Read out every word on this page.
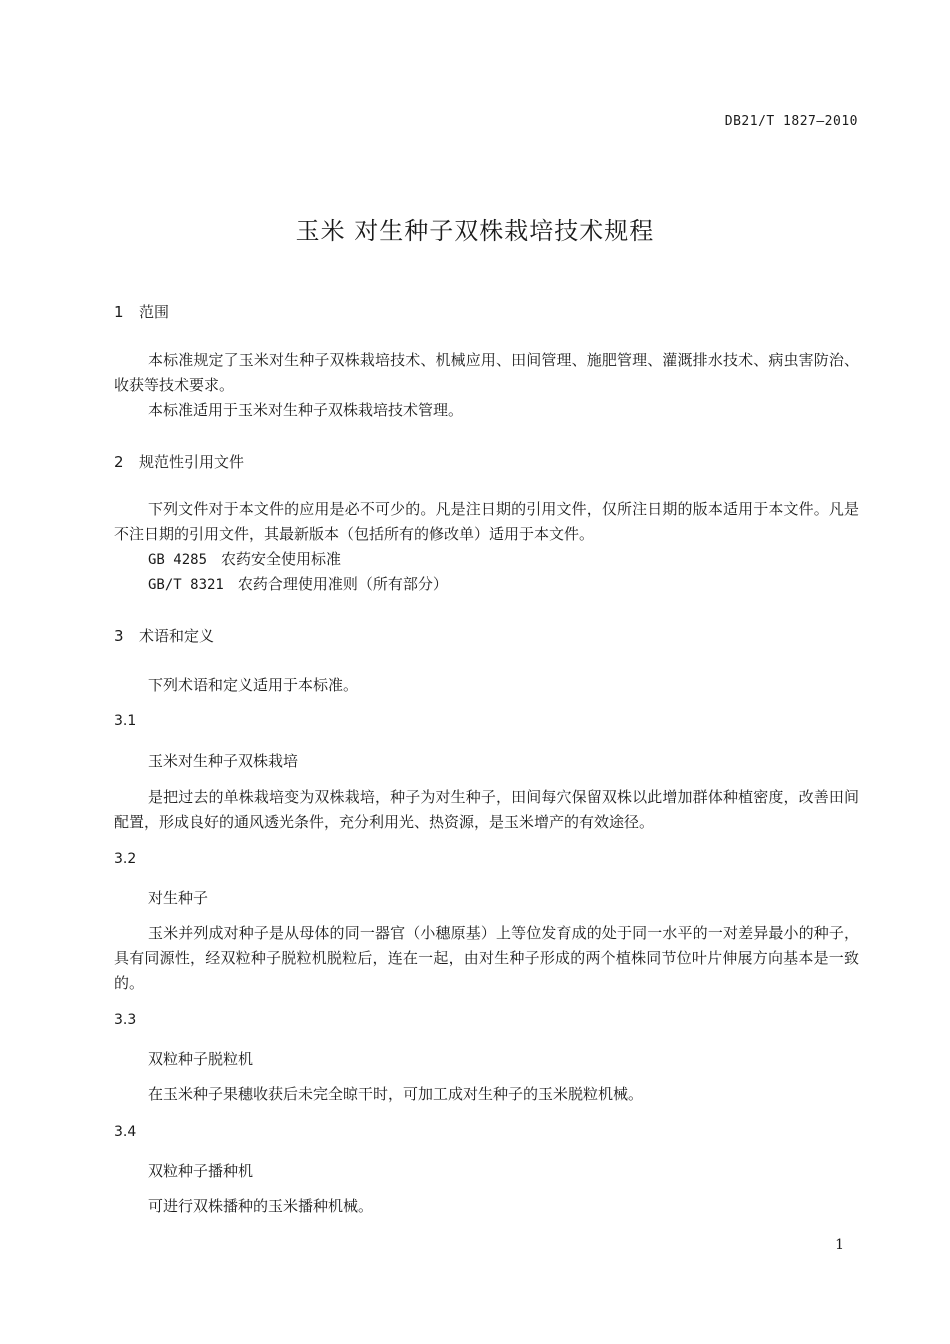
DB21/T 1827—2010
玉米 对生种子双株栽培技术规程
1 范围

本标准规定了玉米对生种子双株栽培技术、机械应用、田间管理、施肥管理、灌溉排水技术、病虫害防治、收获等技术要求。

本标准适用于玉米对生种子双株栽培技术管理。

2 规范性引用文件

下列文件对于本文件的应用是必不可少的。凡是注日期的引用文件，仅所注日期的版本适用于本文件。凡是不注日期的引用文件，其最新版本（包括所有的修改单）适用于本文件。

GB 4285 农药安全使用标准
GB/T 8321 农药合理使用准则（所有部分）
3 术语和定义

下列术语和定义适用于本标准。

3.1
玉米对生种子双株栽培

是把过去的单株栽培变为双株栽培，种子为对生种子，田间每穴保留双株以此增加群体种植密度，改善田间配置，形成良好的通风透光条件，充分利用光、热资源，是玉米增产的有效途径。

3.2
对生种子

玉米并列成对种子是从母体的同一器官（小穗原基）上等位发育成的处于同一水平的一对差异最小的种子，具有同源性，经双粒种子脱粒机脱粒后，连在一起，由对生种子形成的两个植株同节位叶片伸展方向基本是一致的。

3.3
双粒种子脱粒机

在玉米种子果穗收获后未完全晾干时，可加工成对生种子的玉米脱粒机械。

3.4
双粒种子播种机

可进行双株播种的玉米播种机械。

1
